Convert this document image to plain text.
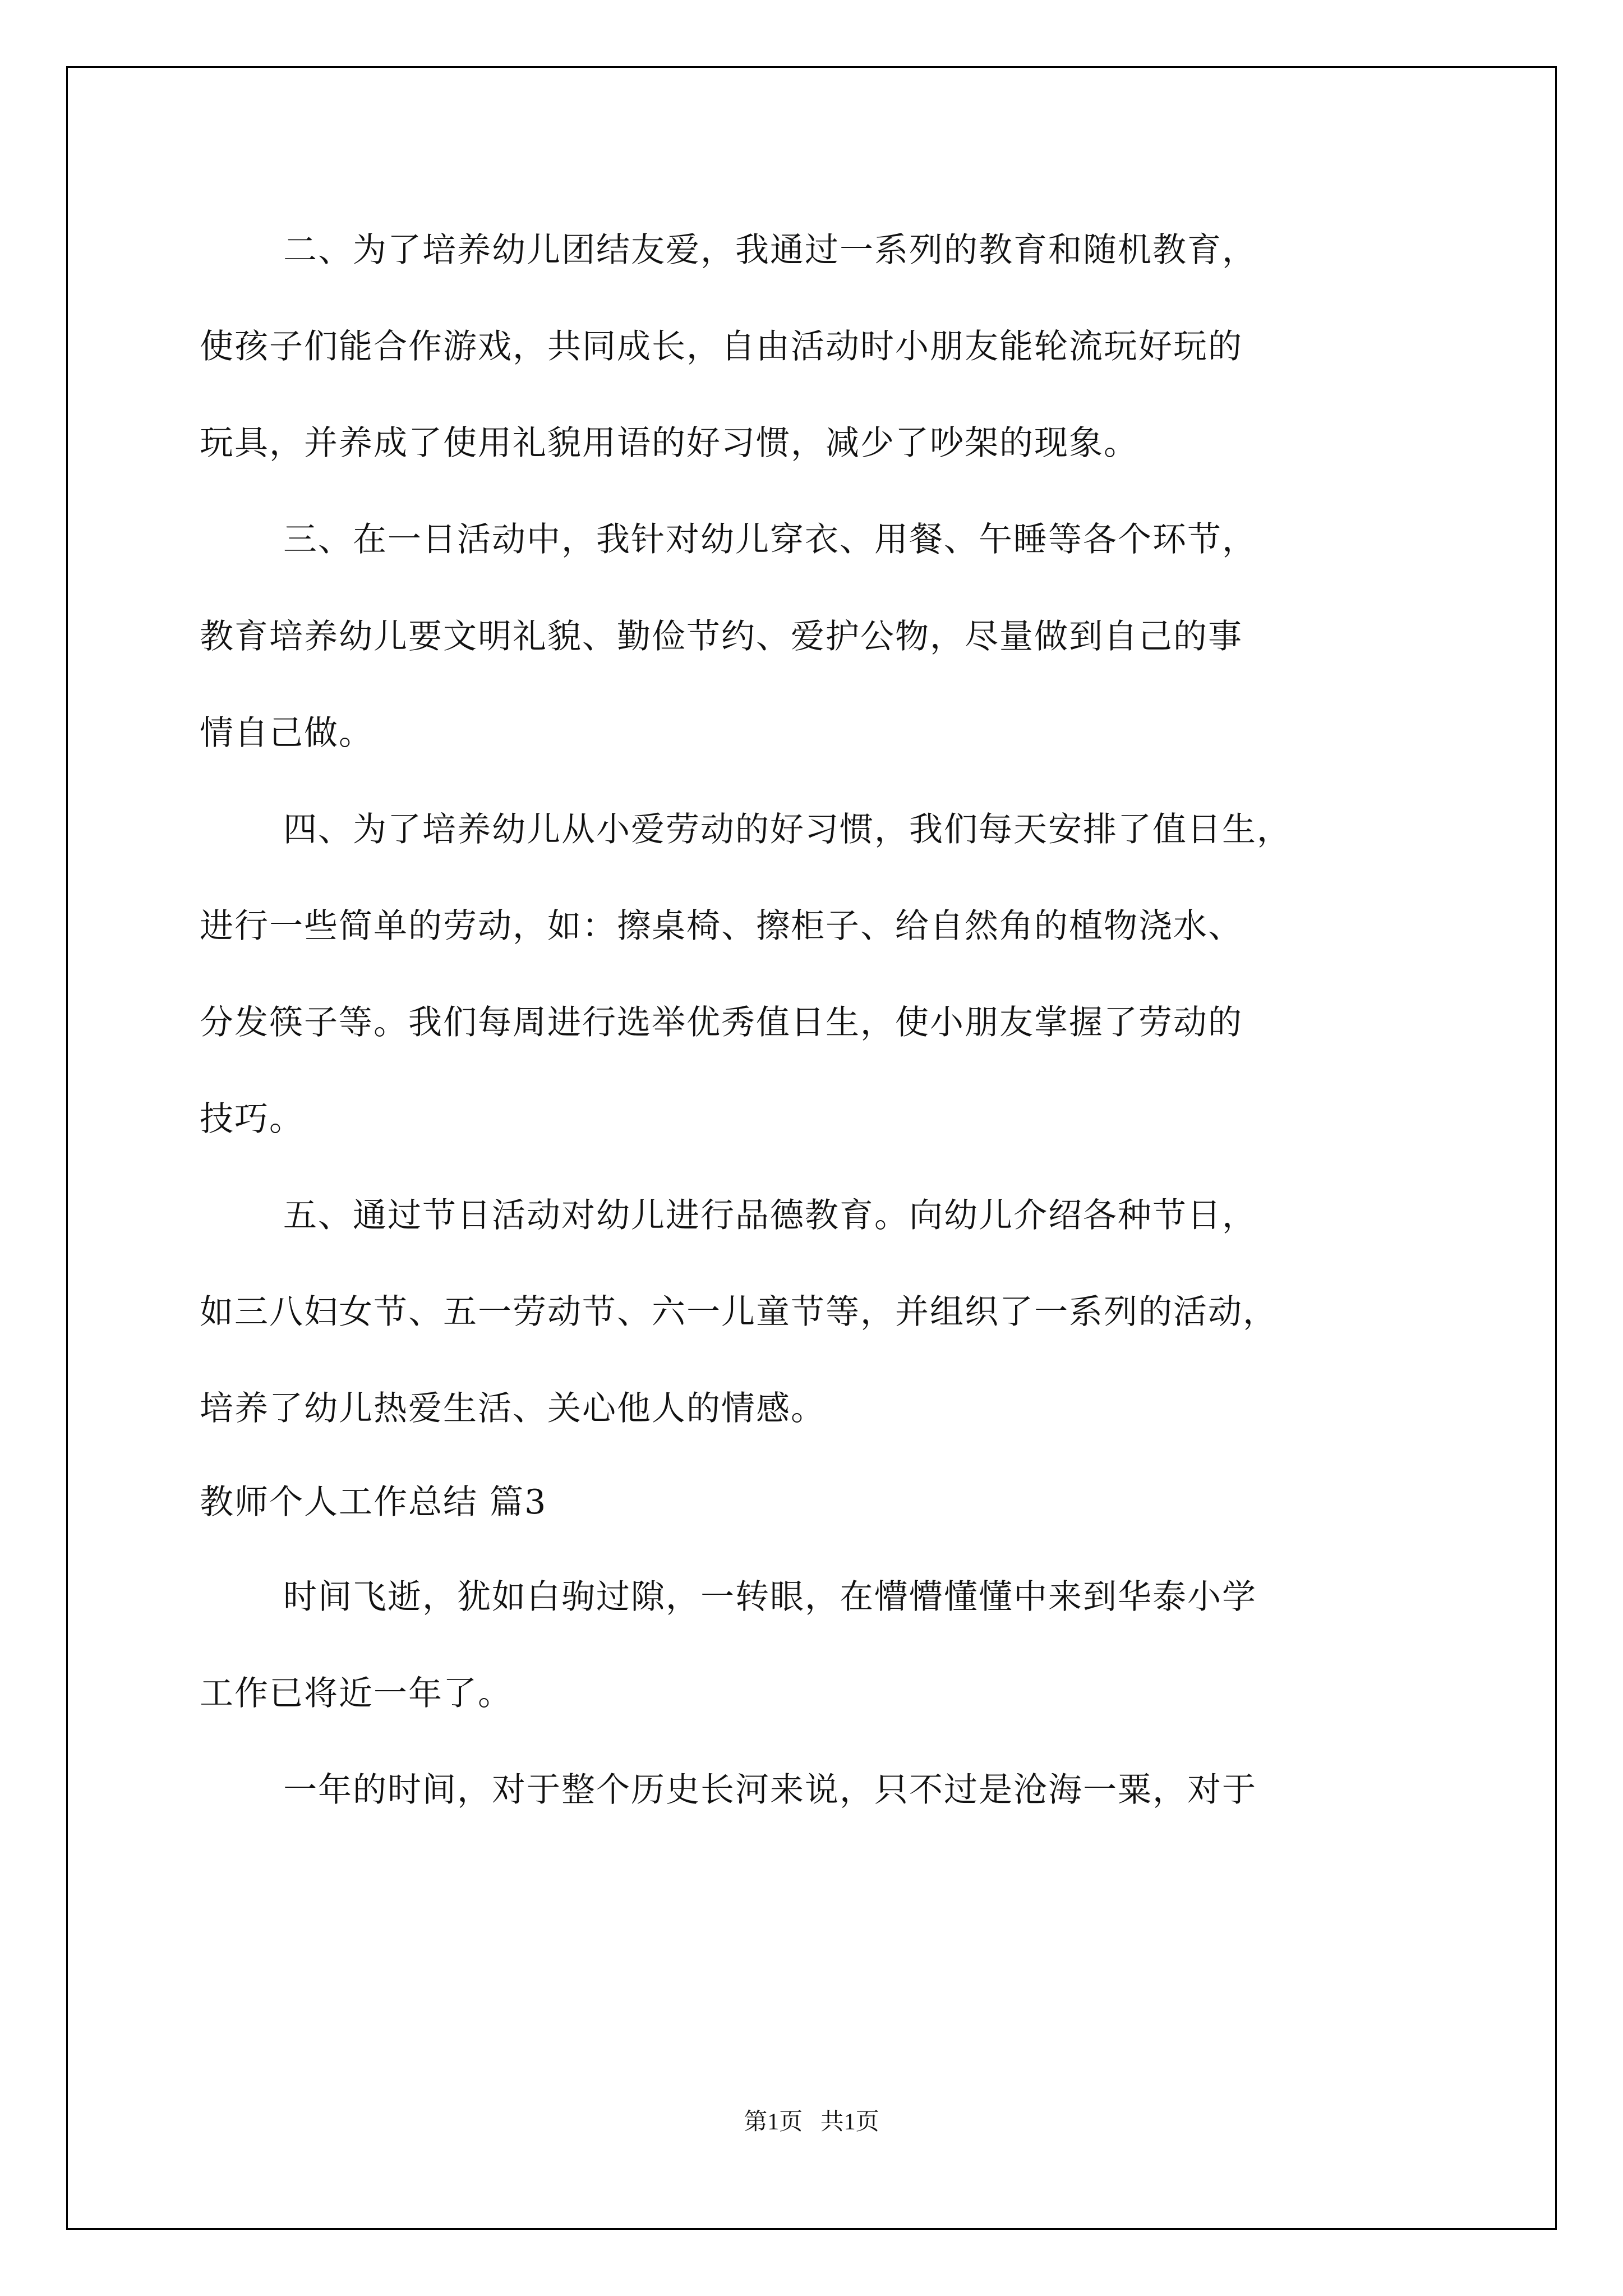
二、为了培养幼儿团结友爱，我通过一系列的教育和随机教育，

使孩子们能合作游戏，共同成长，自由活动时小朋友能轮流玩好玩的

玩具，并养成了使用礼貌用语的好习惯，减少了吵架的现象。

三、在一日活动中，我针对幼儿穿衣、用餐、午睡等各个环节，

教育培养幼儿要文明礼貌、勤俭节约、爱护公物，尽量做到自己的事

情自己做。

四、为了培养幼儿从小爱劳动的好习惯，我们每天安排了值日生，

进行一些简单的劳动，如：擦桌椅、擦柜子、给自然角的植物浇水、

分发筷子等。我们每周进行选举优秀值日生，使小朋友掌握了劳动的

技巧。

五、通过节日活动对幼儿进行品德教育。向幼儿介绍各种节日，

如三八妇女节、五一劳动节、六一儿童节等，并组织了一系列的活动，

培养了幼儿热爱生活、关心他人的情感。

教师个人工作总结 篇3

时间飞逝，犹如白驹过隙，一转眼，在懵懵懂懂中来到华泰小学

工作已将近一年了。

一年的时间，对于整个历史长河来说，只不过是沧海一粟，对于

第1页   共1页
